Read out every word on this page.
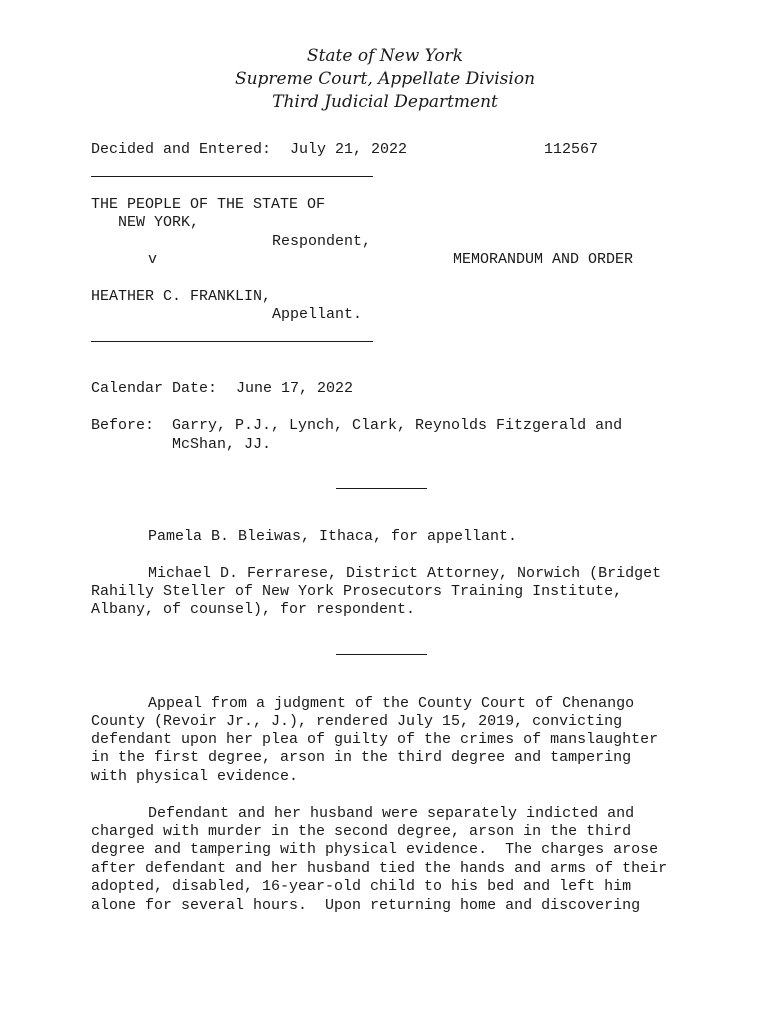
State of New York
Supreme Court, Appellate Division
Third Judicial Department
Decided and Entered: July 21, 2022	112567
THE PEOPLE OF THE STATE OF
NEW YORK,
Respondent,
v	MEMORANDUM AND ORDER
HEATHER C. FRANKLIN,
Appellant.
Calendar Date: June 17, 2022
Before: Garry, P.J., Lynch, Clark, Reynolds Fitzgerald and
McShan, JJ.
Pamela B. Bleiwas, Ithaca, for appellant.
Michael D. Ferrarese, District Attorney, Norwich (Bridget
Rahilly Steller of New York Prosecutors Training Institute,
Albany, of counsel), for respondent.
Appeal from a judgment of the County Court of Chenango
County (Revoir Jr., J.), rendered July 15, 2019, convicting
defendant upon her plea of guilty of the crimes of manslaughter
in the first degree, arson in the third degree and tampering
with physical evidence.
Defendant and her husband were separately indicted and
charged with murder in the second degree, arson in the third
degree and tampering with physical evidence.  The charges arose
after defendant and her husband tied the hands and arms of their
adopted, disabled, 16-year-old child to his bed and left him
alone for several hours.  Upon returning home and discovering
